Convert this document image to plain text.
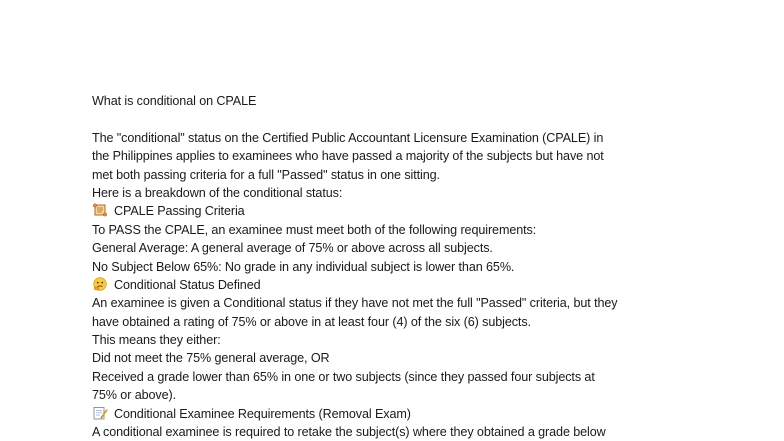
What is conditional on CPALE
The "conditional" status on the Certified Public Accountant Licensure Examination (CPALE) in
the Philippines applies to examinees who have passed a majority of the subjects but have not
met both passing criteria for a full "Passed" status in one sitting.
Here is a breakdown of the conditional status:
CPALE Passing Criteria
To PASS the CPALE, an examinee must meet both of the following requirements:
General Average: A general average of 75% or above across all subjects.
No Subject Below 65%: No grade in any individual subject is lower than 65%.
Conditional Status Defined
An examinee is given a Conditional status if they have not met the full "Passed" criteria, but they
have obtained a rating of 75% or above in at least four (4) of the six (6) subjects.
This means they either:
Did not meet the 75% general average, OR
Received a grade lower than 65% in one or two subjects (since they passed four subjects at
75% or above).
Conditional Examinee Requirements (Removal Exam)
A conditional examinee is required to retake the subject(s) where they obtained a grade below
